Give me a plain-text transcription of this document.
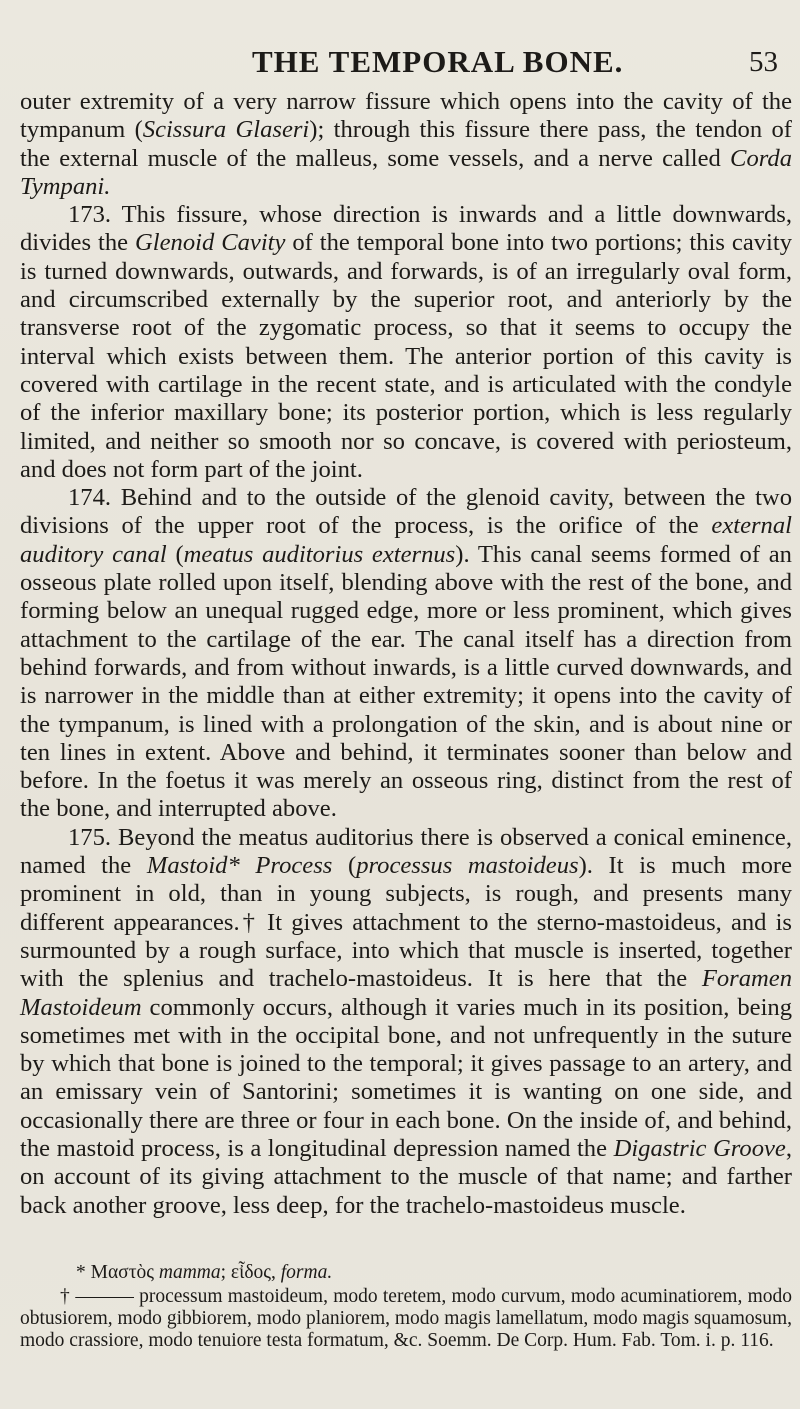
THE TEMPORAL BONE.	53

outer extremity of a very narrow fissure which opens into the cavity of the tympanum (Scissura Glaseri); through this fissure there pass, the tendon of the external muscle of the malleus, some vessels, and a nerve called Corda Tympani.

173. This fissure, whose direction is inwards and a little downwards, divides the Glenoid Cavity of the temporal bone into two portions; this cavity is turned downwards, outwards, and forwards, is of an irregularly oval form, and circumscribed externally by the superior root, and anteriorly by the transverse root of the zygomatic process, so that it seems to occupy the interval which exists between them. The anterior portion of this cavity is covered with cartilage in the recent state, and is articulated with the condyle of the inferior maxillary bone; its posterior portion, which is less regularly limited, and neither so smooth nor so concave, is covered with periosteum, and does not form part of the joint.

174. Behind and to the outside of the glenoid cavity, between the two divisions of the upper root of the process, is the orifice of the external auditory canal (meatus auditorius externus). This canal seems formed of an osseous plate rolled upon itself, blending above with the rest of the bone, and forming below an unequal rugged edge, more or less prominent, which gives attachment to the cartilage of the ear. The canal itself has a direction from behind forwards, and from without inwards, is a little curved downwards, and is narrower in the middle than at either extremity; it opens into the cavity of the tympanum, is lined with a prolongation of the skin, and is about nine or ten lines in extent. Above and behind, it terminates sooner than below and before. In the foetus it was merely an osseous ring, distinct from the rest of the bone, and interrupted above.

175. Beyond the meatus auditorius there is observed a conical eminence, named the Mastoid* Process (processus mastoideus). It is much more prominent in old, than in young subjects, is rough, and presents many different appearances.† It gives attachment to the sterno-mastoideus, and is surmounted by a rough surface, into which that muscle is inserted, together with the splenius and trachelo-mastoideus. It is here that the Foramen Mastoideum commonly occurs, although it varies much in its position, being sometimes met with in the occipital bone, and not unfrequently in the suture by which that bone is joined to the temporal; it gives passage to an artery, and an emissary vein of Santorini; sometimes it is wanting on one side, and occasionally there are three or four in each bone. On the inside of, and behind, the mastoid process, is a longitudinal depression named the Digastric Groove, on account of its giving attachment to the muscle of that name; and farther back another groove, less deep, for the trachelo-mastoideus muscle.

* Μαστὸς mamma; εἶδος, forma.

† ——— processum mastoideum, modo teretem, modo curvum, modo acuminatiorem, modo obtusiorem, modo gibbiorem, modo planiorem, modo magis lamellatum, modo magis squamosum, modo crassiore, modo tenuiore testa formatum, &c. Soemm. De Corp. Hum. Fab. Tom. i. p. 116.
